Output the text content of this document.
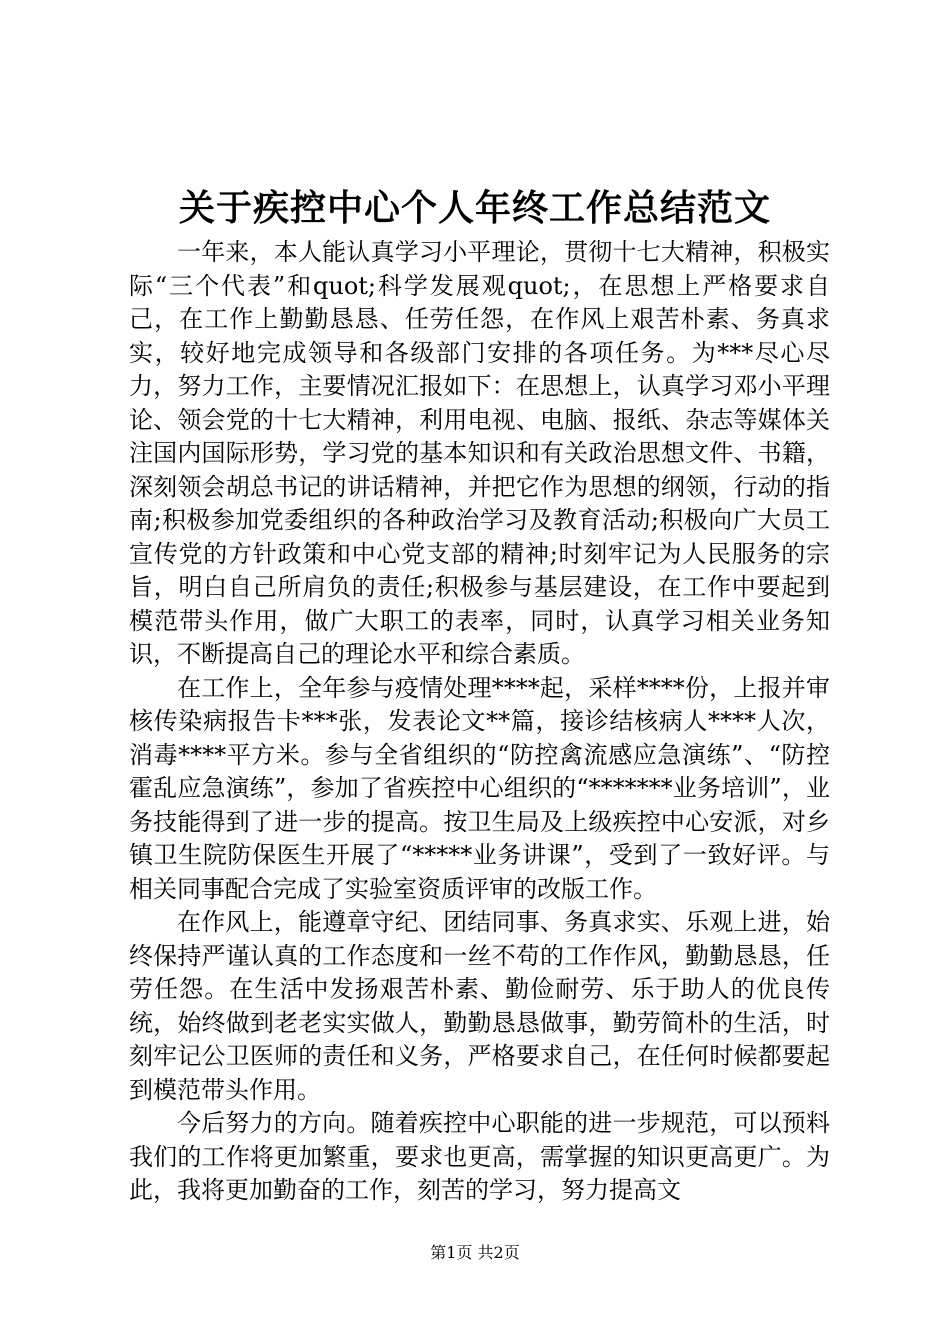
关于疾控中心个人年终工作总结范文

一年来，本人能认真学习小平理论，贯彻十七大精神，积极实际“三个代表”和quot;科学发展观quot;，在思想上严格要求自己，在工作上勤勤恳恳、任劳任怨，在作风上艰苦朴素、务真求实，较好地完成领导和各级部门安排的各项任务。为***尽心尽力，努力工作，主要情况汇报如下：在思想上，认真学习邓小平理论、领会党的十七大精神，利用电视、电脑、报纸、杂志等媒体关注国内国际形势，学习党的基本知识和有关政治思想文件、书籍，深刻领会胡总书记的讲话精神，并把它作为思想的纲领，行动的指南;积极参加党委组织的各种政治学习及教育活动;积极向广大员工宣传党的方针政策和中心党支部的精神;时刻牢记为人民服务的宗旨，明白自己所肩负的责任;积极参与基层建设，在工作中要起到模范带头作用，做广大职工的表率，同时，认真学习相关业务知识，不断提高自己的理论水平和综合素质。

在工作上，全年参与疫情处理****起，采样****份，上报并审核传染病报告卡***张，发表论文**篇，接诊结核病人****人次，消毒****平方米。参与全省组织的“防控禽流感应急演练”、“防控霍乱应急演练”，参加了省疾控中心组织的“*******业务培训”，业务技能得到了进一步的提高。按卫生局及上级疾控中心安派，对乡镇卫生院防保医生开展了“*****业务讲课”，受到了一致好评。与相关同事配合完成了实验室资质评审的改版工作。

在作风上，能遵章守纪、团结同事、务真求实、乐观上进，始终保持严谨认真的工作态度和一丝不苟的工作作风，勤勤恳恳，任劳任怨。在生活中发扬艰苦朴素、勤俭耐劳、乐于助人的优良传统，始终做到老老实实做人，勤勤恳恳做事，勤劳简朴的生活，时刻牢记公卫医师的责任和义务，严格要求自己，在任何时候都要起到模范带头作用。

今后努力的方向。随着疾控中心职能的进一步规范，可以预料我们的工作将更加繁重，要求也更高，需掌握的知识更高更广。为此，我将更加勤奋的工作，刻苦的学习，努力提高文

第1页 共2页
